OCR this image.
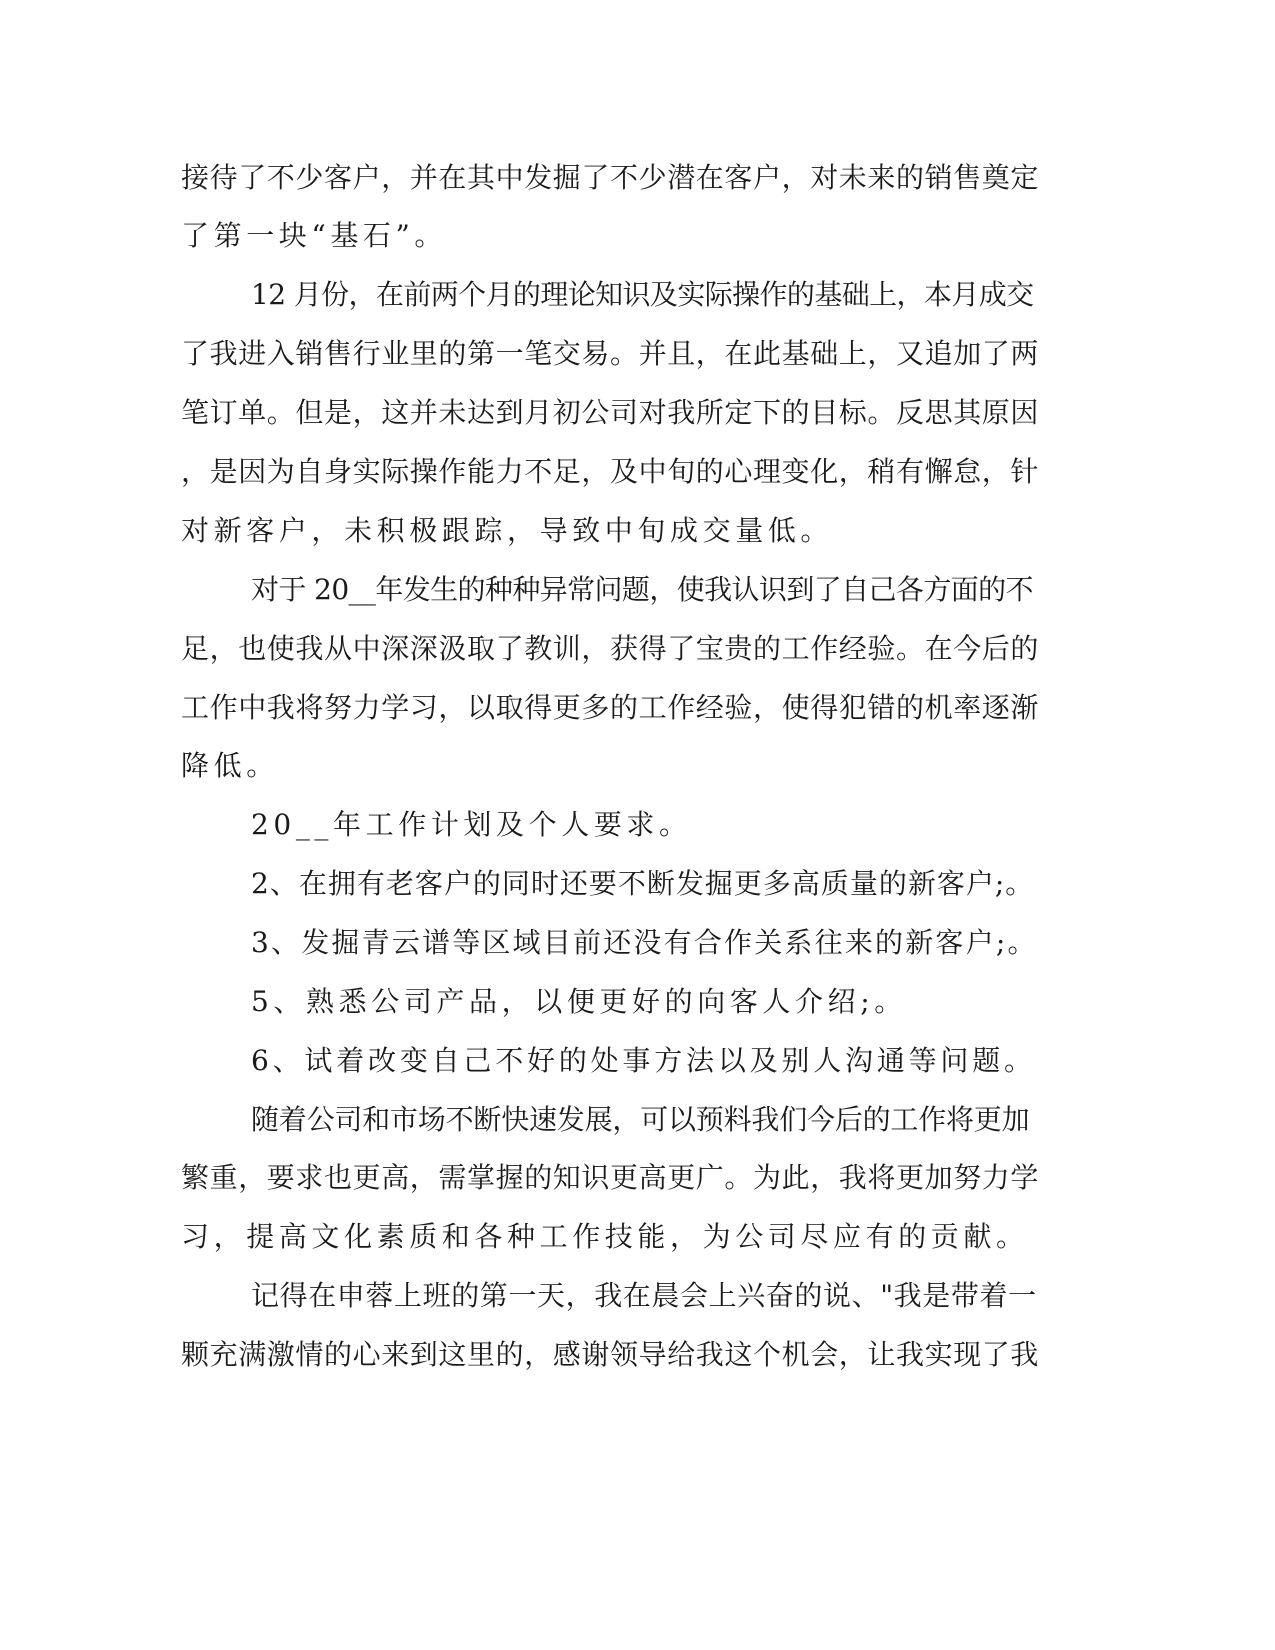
接待了不少客户，并在其中发掘了不少潜在客户，对未来的销售奠定
了第一块“基石”。
12 月份，在前两个月的理论知识及实际操作的基础上，本月成交
了我进入销售行业里的第一笔交易。并且，在此基础上，又追加了两
笔订单。但是，这并未达到月初公司对我所定下的目标。反思其原因
，是因为自身实际操作能力不足，及中旬的心理变化，稍有懈怠，针
对新客户，未积极跟踪，导致中旬成交量低。
对于 20__年发生的种种异常问题，使我认识到了自己各方面的不
足，也使我从中深深汲取了教训，获得了宝贵的工作经验。在今后的
工作中我将努力学习，以取得更多的工作经验，使得犯错的机率逐渐
降低。
20__年工作计划及个人要求。
2、在拥有老客户的同时还要不断发掘更多高质量的新客户;。
3、发掘青云谱等区域目前还没有合作关系往来的新客户;。
5、熟悉公司产品，以便更好的向客人介绍;。
6、试着改变自己不好的处事方法以及别人沟通等问题。
随着公司和市场不断快速发展，可以预料我们今后的工作将更加
繁重，要求也更高，需掌握的知识更高更广。为此，我将更加努力学
习，提高文化素质和各种工作技能，为公司尽应有的贡献。
记得在申蓉上班的第一天，我在晨会上兴奋的说、"我是带着一
颗充满激情的心来到这里的，感谢领导给我这个机会，让我实现了我
